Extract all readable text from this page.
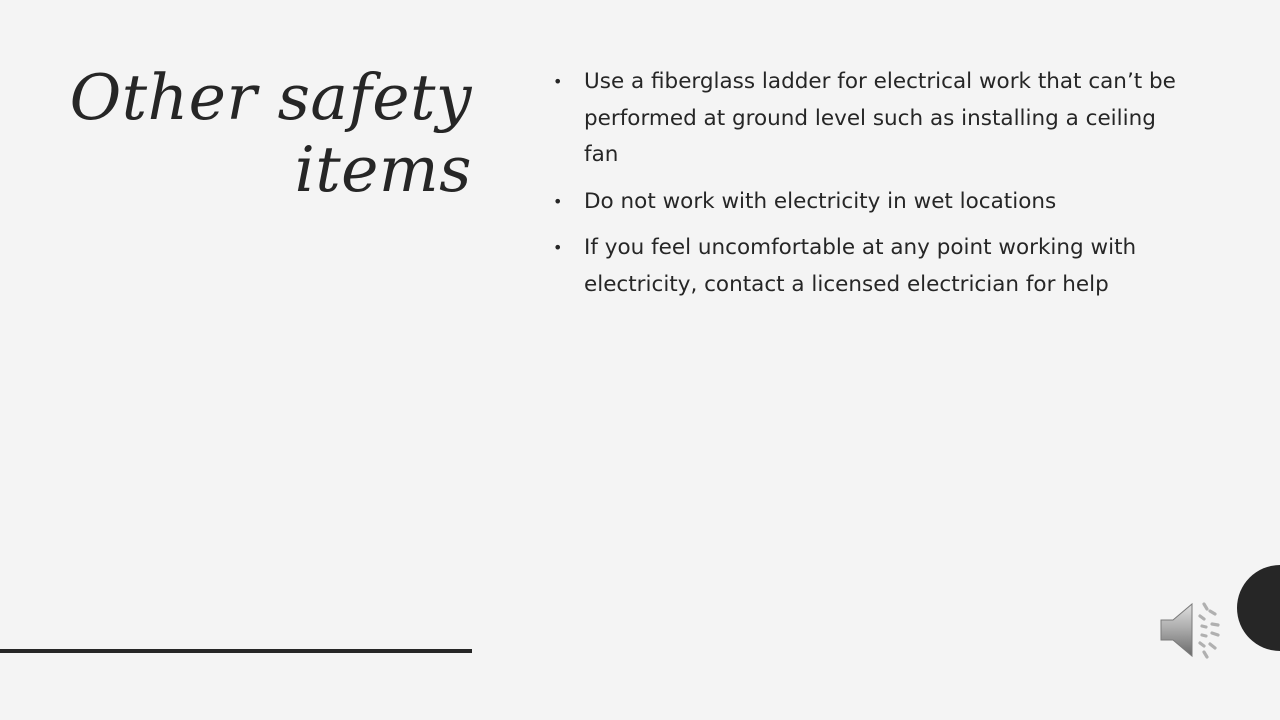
Other safety
items
•	Use a fiberglass ladder for electrical work that can’t be performed at ground level such as installing a ceiling fan
•	Do not work with electricity in wet locations
•	If you feel uncomfortable at any point working with electricity, contact a licensed electrician for help
